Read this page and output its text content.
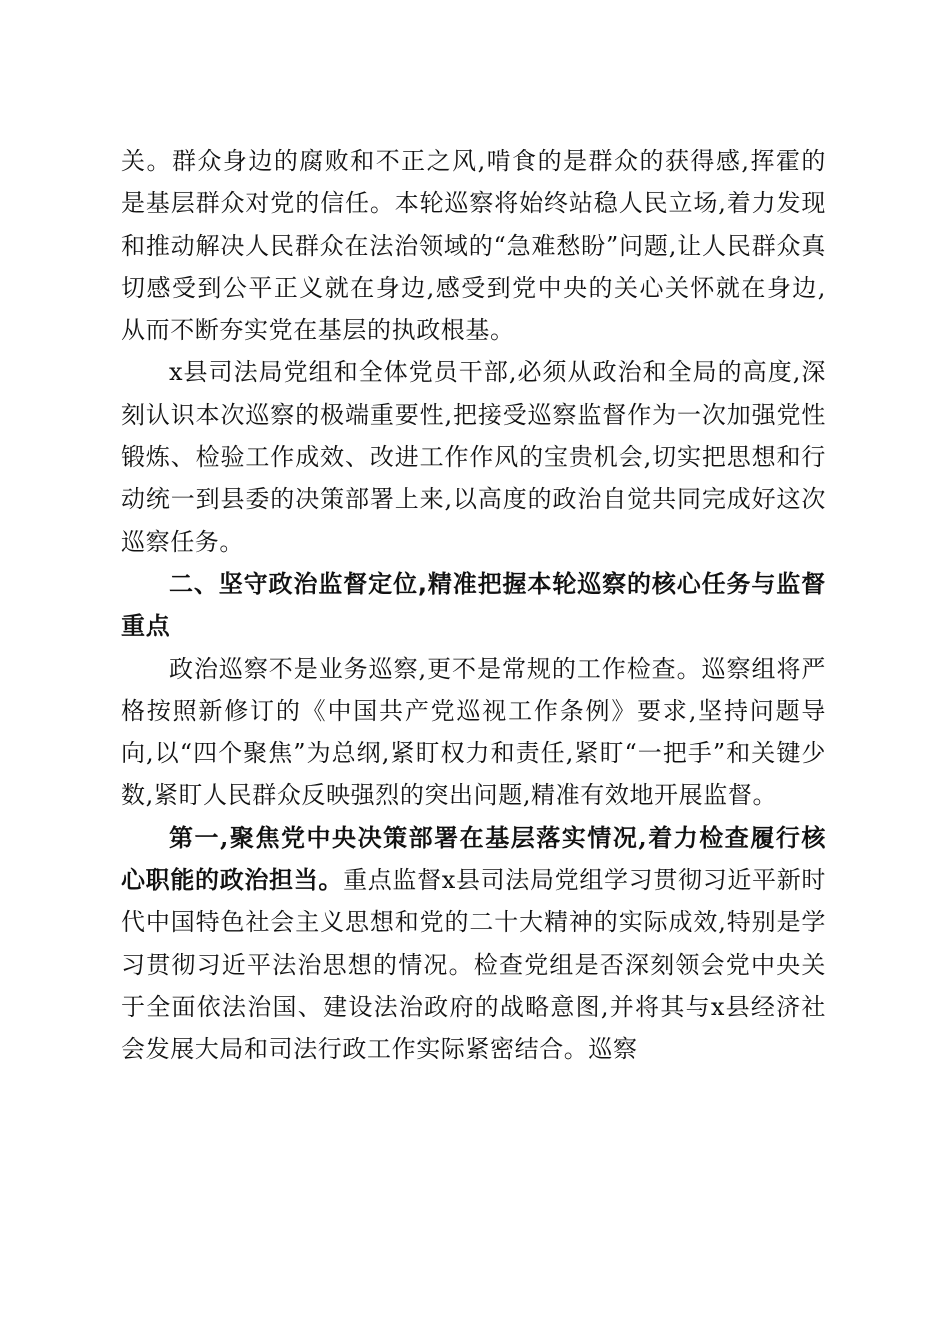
关。群众身边的腐败和不正之风,啃食的是群众的获得感,挥霍的是基层群众对党的信任。本轮巡察将始终站稳人民立场,着力发现和推动解决人民群众在法治领域的“急难愁盼”问题,让人民群众真切感受到公平正义就在身边,感受到党中央的关心关怀就在身边,从而不断夯实党在基层的执政根基。

x县司法局党组和全体党员干部,必须从政治和全局的高度,深刻认识本次巡察的极端重要性,把接受巡察监督作为一次加强党性锻炼、检验工作成效、改进工作作风的宝贵机会,切实把思想和行动统一到县委的决策部署上来,以高度的政治自觉共同完成好这次巡察任务。

二、坚守政治监督定位,精准把握本轮巡察的核心任务与监督重点

政治巡察不是业务巡察,更不是常规的工作检查。巡察组将严格按照新修订的《中国共产党巡视工作条例》要求,坚持问题导向,以“四个聚焦”为总纲,紧盯权力和责任,紧盯“一把手”和关键少数,紧盯人民群众反映强烈的突出问题,精准有效地开展监督。

第一,聚焦党中央决策部署在基层落实情况,着力检查履行核心职能的政治担当。重点监督x县司法局党组学习贯彻习近平新时代中国特色社会主义思想和党的二十大精神的实际成效,特别是学习贯彻习近平法治思想的情况。检查党组是否深刻领会党中央关于全面依法治国、建设法治政府的战略意图,并将其与x县经济社会发展大局和司法行政工作实际紧密结合。巡察
